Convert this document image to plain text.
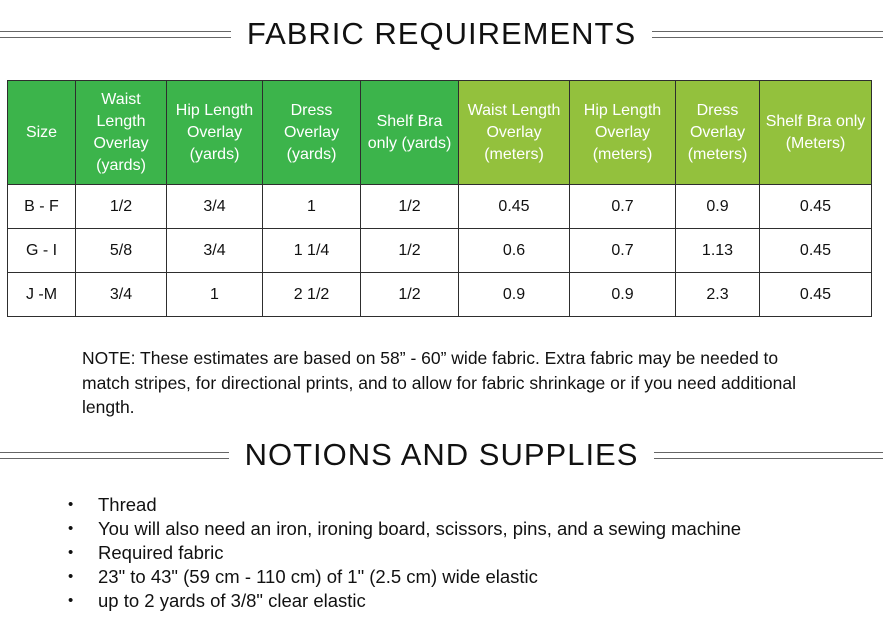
FABRIC REQUIREMENTS
Size	Waist Length Overlay (yards)	Hip Length Overlay (yards)	Dress Overlay (yards)	Shelf Bra only (yards)	Waist Length Overlay (meters)	Hip Length Overlay (meters)	Dress Overlay (meters)	Shelf Bra only (Meters)
B - F	1/2	3/4	1	1/2	0.45	0.7	0.9	0.45
G - I	5/8	3/4	1 1/4	1/2	0.6	0.7	1.13	0.45
J -M	3/4	1	2 1/2	1/2	0.9	0.9	2.3	0.45

NOTE: These estimates are based on 58” - 60” wide fabric. Extra fabric may be needed to match stripes, for directional prints, and to allow for fabric shrinkage or if you need additional length.

NOTIONS AND SUPPLIES
•	Thread
•	You will also need an iron, ironing board, scissors, pins, and a sewing machine
•	Required fabric
•	23" to 43" (59 cm - 110 cm) of 1" (2.5 cm) wide elastic
•	up to 2 yards of 3/8" clear elastic
